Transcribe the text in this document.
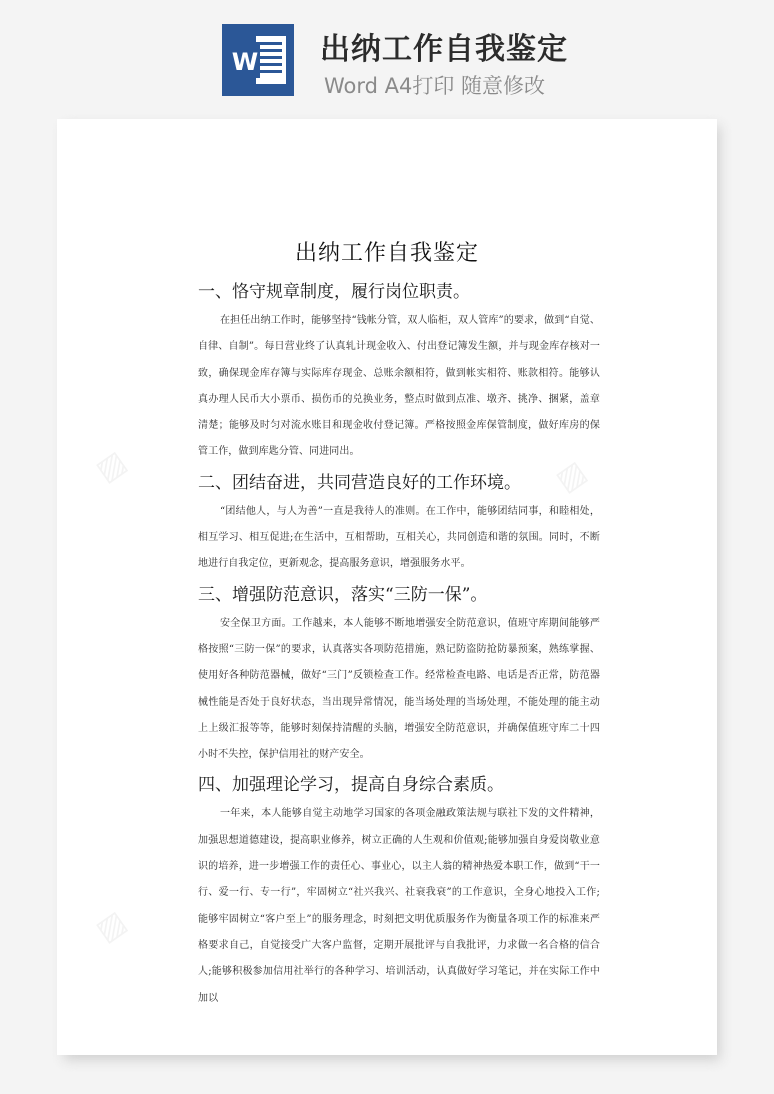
W 出纳工作自我鉴定
Word A4打印 随意修改
▨	▨
▨
出纳工作自我鉴定

一、恪守规章制度，履行岗位职责。

在担任出纳工作时，能够坚持“钱帐分管，双人临柜，双人管库”的要求，做到“自觉、自律、自制”。每日营业终了认真轧计现金收入、付出登记簿发生额，并与现金库存核对一致，确保现金库存簿与实际库存现金、总账余额相符，做到帐实相符、账款相符。能够认真办理人民币大小票币、损伤币的兑换业务，整点时做到点准、墩齐、挑净、捆紧，盖章清楚；能够及时匀对流水账目和现金收付登记簿。严格按照金库保管制度，做好库房的保管工作，做到库匙分管、同进同出。

二、团结奋进，共同营造良好的工作环境。

“团结他人，与人为善”一直是我待人的准则。在工作中，能够团结同事，和睦相处，相互学习、相互促进;在生活中，互相帮助，互相关心，共同创造和谐的氛围。同时，不断地进行自我定位，更新观念，提高服务意识，增强服务水平。

三、增强防范意识，落实“三防一保”。

安全保卫方面。工作越来，本人能够不断地增强安全防范意识，值班守库期间能够严格按照“三防一保”的要求，认真落实各项防范措施，熟记防盗防抢防暴预案，熟练掌握、使用好各种防范器械，做好“三门”反锁检查工作。经常检查电路、电话是否正常，防范器械性能是否处于良好状态，当出现异常情况，能当场处理的当场处理，不能处理的能主动上上级汇报等等，能够时刻保持清醒的头脑，增强安全防范意识，并确保值班守库二十四小时不失控，保护信用社的财产安全。

四、加强理论学习，提高自身综合素质。

一年来，本人能够自觉主动地学习国家的各项金融政策法规与联社下发的文件精神，加强思想道德建设，提高职业修养，树立正确的人生观和价值观;能够加强自身爱岗敬业意识的培养，进一步增强工作的责任心、事业心，以主人翁的精神热爱本职工作，做到“干一行、爱一行、专一行”，牢固树立“社兴我兴、社衰我衰”的工作意识，全身心地投入工作;能够牢固树立“客户至上”的服务理念，时刻把文明优质服务作为衡量各项工作的标准来严格要求自己，自觉接受广大客户监督，定期开展批评与自我批评，力求做一名合格的信合人;能够积极参加信用社举行的各种学习、培训活动，认真做好学习笔记，并在实际工作中加以
